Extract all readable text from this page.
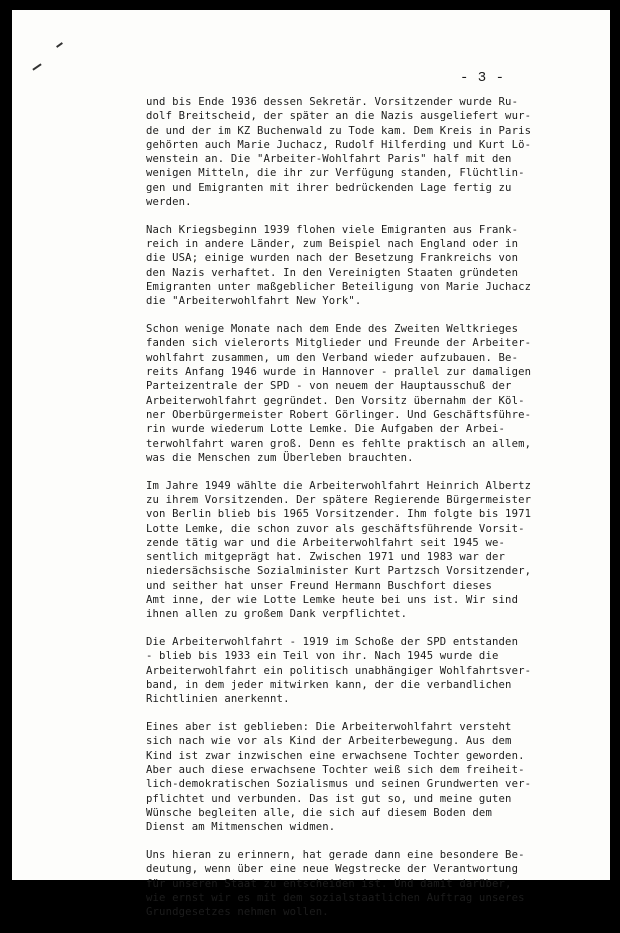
- 3 -
und bis Ende 1936 dessen Sekretär. Vorsitzender wurde Ru-
dolf Breitscheid, der später an die Nazis ausgeliefert wur-
de und der im KZ Buchenwald zu Tode kam. Dem Kreis in Paris
gehörten auch Marie Juchacz, Rudolf Hilferding und Kurt Lö-
wenstein an. Die "Arbeiter-Wohlfahrt Paris" half mit den
wenigen Mitteln, die ihr zur Verfügung standen, Flüchtlin-
gen und Emigranten mit ihrer bedrückenden Lage fertig zu
werden.
Nach Kriegsbeginn 1939 flohen viele Emigranten aus Frank-
reich in andere Länder, zum Beispiel nach England oder in
die USA; einige wurden nach der Besetzung Frankreichs von
den Nazis verhaftet. In den Vereinigten Staaten gründeten
Emigranten unter maßgeblicher Beteiligung von Marie Juchacz
die "Arbeiterwohlfahrt New York".
Schon wenige Monate nach dem Ende des Zweiten Weltkrieges
fanden sich vielerorts Mitglieder und Freunde der Arbeiter-
wohlfahrt zusammen, um den Verband wieder aufzubauen. Be-
reits Anfang 1946 wurde in Hannover - prallel zur damaligen
Parteizentrale der SPD - von neuem der Hauptausschuß der
Arbeiterwohlfahrt gegründet. Den Vorsitz übernahm der Köl-
ner Oberbürgermeister Robert Görlinger. Und Geschäftsführe-
rin wurde wiederum Lotte Lemke. Die Aufgaben der Arbei-
terwohlfahrt waren groß. Denn es fehlte praktisch an allem,
was die Menschen zum Überleben brauchten.
Im Jahre 1949 wählte die Arbeiterwohlfahrt Heinrich Albertz
zu ihrem Vorsitzenden. Der spätere Regierende Bürgermeister
von Berlin blieb bis 1965 Vorsitzender. Ihm folgte bis 1971
Lotte Lemke, die schon zuvor als geschäftsführende Vorsit-
zende tätig war und die Arbeiterwohlfahrt seit 1945 we-
sentlich mitgeprägt hat. Zwischen 1971 und 1983 war der
niedersächsische Sozialminister Kurt Partzsch Vorsitzender,
und seither hat unser Freund Hermann Buschfort dieses
Amt inne, der wie Lotte Lemke heute bei uns ist. Wir sind
ihnen allen zu großem Dank verpflichtet.
Die Arbeiterwohlfahrt - 1919 im Schoße der SPD entstanden
- blieb bis 1933 ein Teil von ihr. Nach 1945 wurde die
Arbeiterwohlfahrt ein politisch unabhängiger Wohlfahrtsver-
band, in dem jeder mitwirken kann, der die verbandlichen
Richtlinien anerkennt.
Eines aber ist geblieben: Die Arbeiterwohlfahrt versteht
sich nach wie vor als Kind der Arbeiterbewegung. Aus dem
Kind ist zwar inzwischen eine erwachsene Tochter geworden.
Aber auch diese erwachsene Tochter weiß sich dem freiheit-
lich-demokratischen Sozialismus und seinen Grundwerten ver-
pflichtet und verbunden. Das ist gut so, und meine guten
Wünsche begleiten alle, die sich auf diesem Boden dem
Dienst am Mitmenschen widmen.
Uns hieran zu erinnern, hat gerade dann eine besondere Be-
deutung, wenn über eine neue Wegstrecke der Verantwortung
für unseren Staat zu entscheiden ist. Und damit darüber,
wie ernst wir es mit dem sozialstaatlichen Auftrag unseres
Grundgesetzes nehmen wollen.
